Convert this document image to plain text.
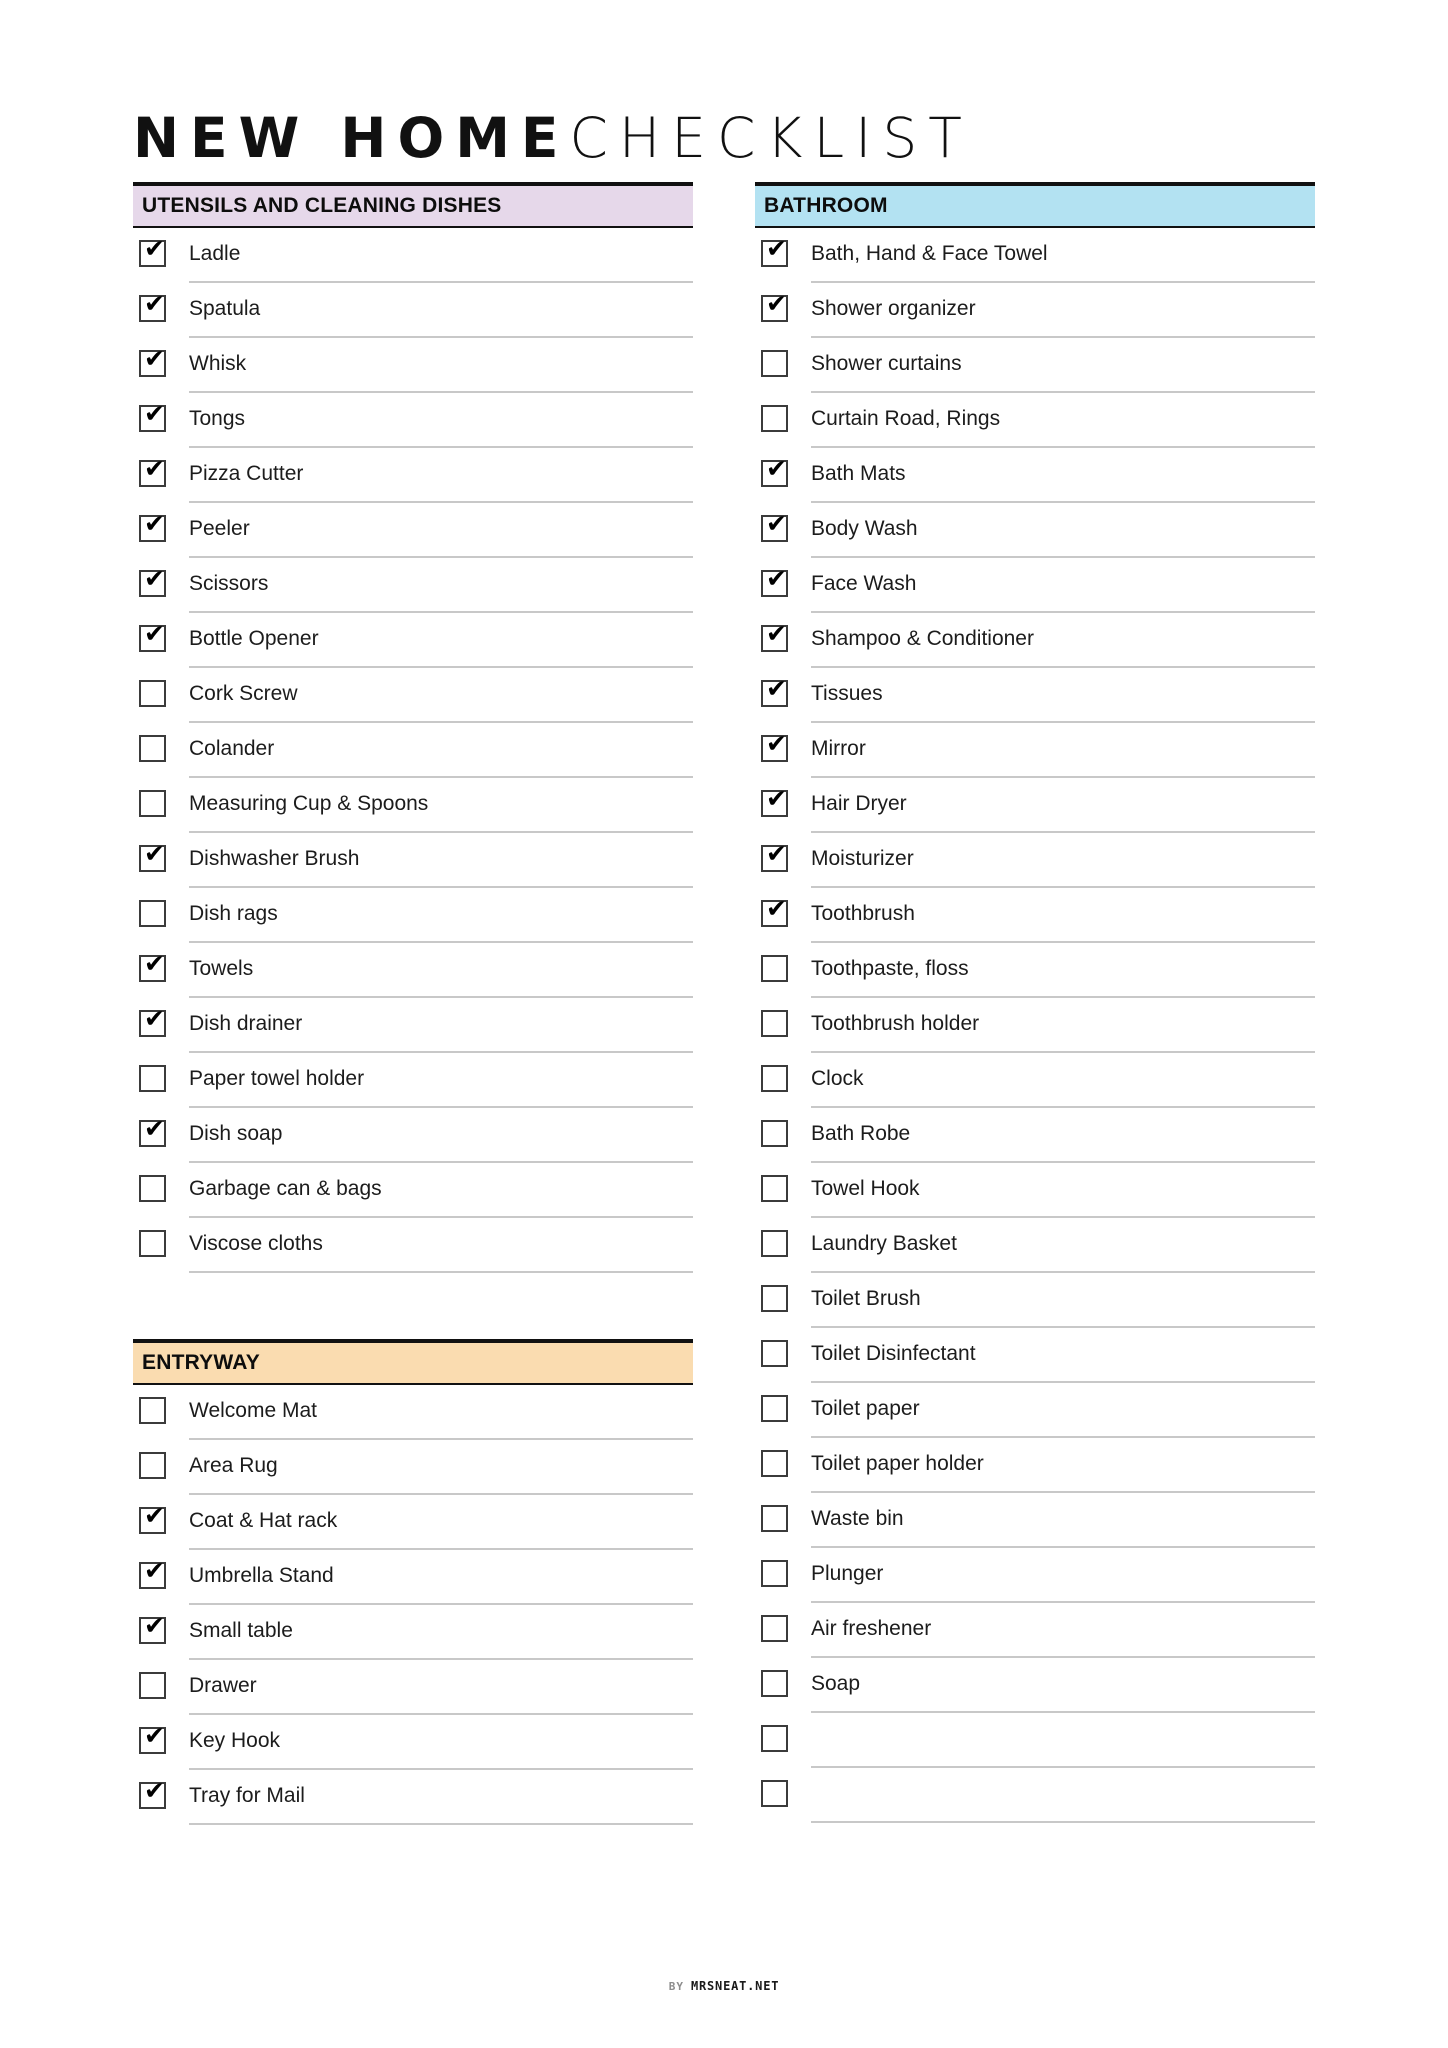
NEW HOMECHECKLIST
UTENSILS AND CLEANING DISHES
✔ Ladle
✔ Spatula
✔ Whisk
✔ Tongs
✔ Pizza Cutter
✔ Peeler
✔ Scissors
✔ Bottle Opener
Cork Screw
Colander
Measuring Cup & Spoons
✔ Dishwasher Brush
Dish rags
✔ Towels
✔ Dish drainer
Paper towel holder
✔ Dish soap
Garbage can & bags
Viscose cloths
ENTRYWAY
Welcome Mat
Area Rug
✔ Coat & Hat rack
✔ Umbrella Stand
✔ Small table
Drawer
✔ Key Hook
✔ Tray for Mail
BATHROOM
✔ Bath, Hand & Face Towel
✔ Shower organizer
Shower curtains
Curtain Road, Rings
✔ Bath Mats
✔ Body Wash
✔ Face Wash
✔ Shampoo & Conditioner
✔ Tissues
✔ Mirror
✔ Hair Dryer
✔ Moisturizer
✔ Toothbrush
Toothpaste, floss
Toothbrush holder
Clock
Bath Robe
Towel Hook
Laundry Basket
Toilet Brush
Toilet Disinfectant
Toilet paper
Toilet paper holder
Waste bin
Plunger
Air freshener
Soap
BY MRSNEAT.NET
